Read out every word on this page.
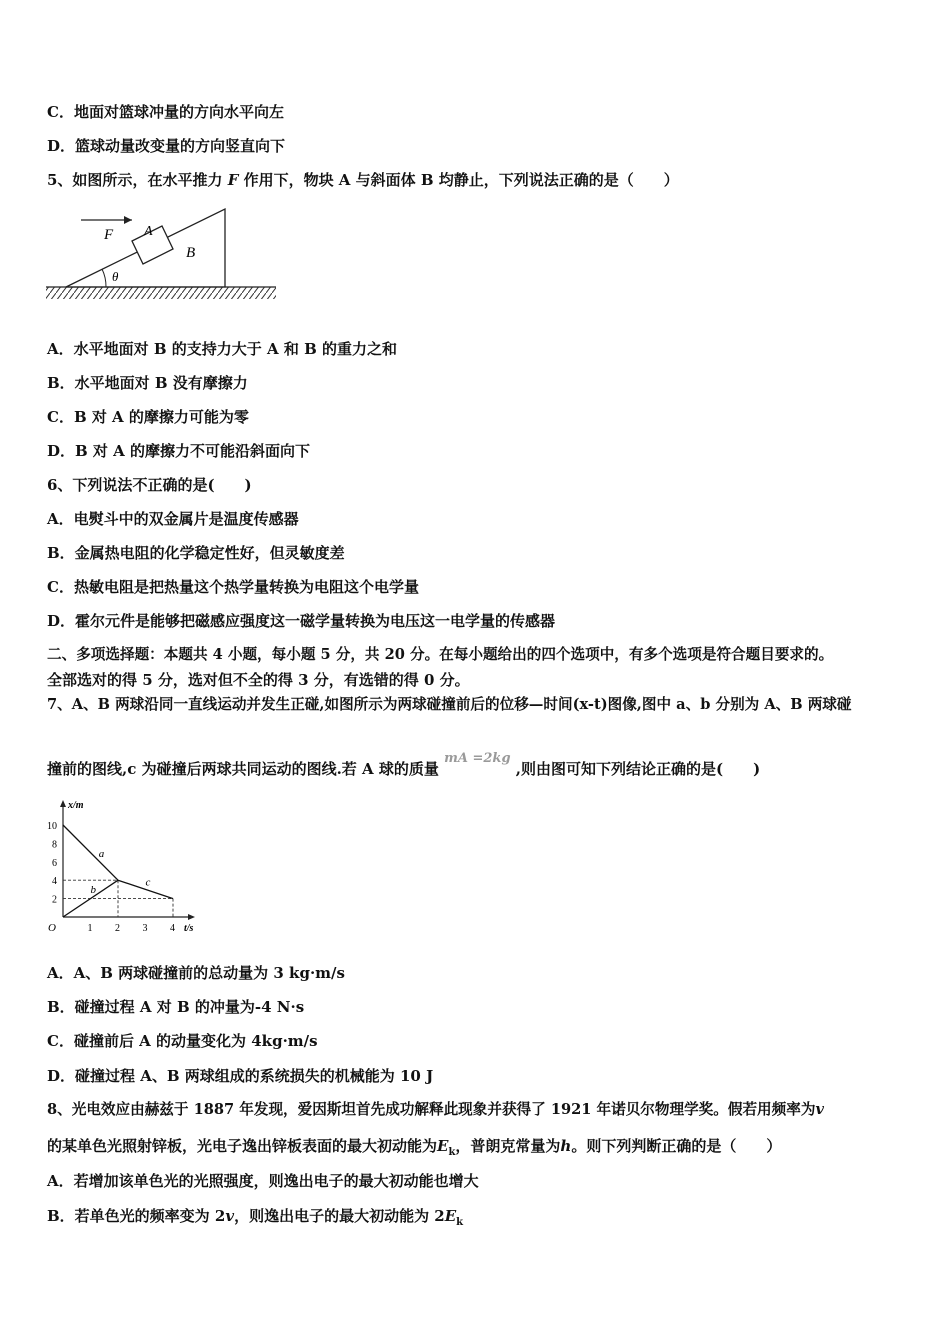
C．地面对篮球冲量的方向水平向左
D．篮球动量改变量的方向竖直向下
5、如图所示，在水平推力 F 作用下，物块 A 与斜面体 B 均静止，下列说法正确的是（　　）
F A
B
θ
A．水平地面对 B 的支持力大于 A 和 B 的重力之和
B．水平地面对 B 没有摩擦力
C．B 对 A 的摩擦力可能为零
D．B 对 A 的摩擦力不可能沿斜面向下
6、下列说法不正确的是(　　)
A．电熨斗中的双金属片是温度传感器
B．金属热电阻的化学稳定性好，但灵敏度差
C．热敏电阻是把热量这个热学量转换为电阻这个电学量
D．霍尔元件是能够把磁感应强度这一磁学量转换为电压这一电学量的传感器
二、多项选择题：本题共 4 小题，每小题 5 分，共 20 分。在每小题给出的四个选项中，有多个选项是符合题目要求的。
全部选对的得 5 分，选对但不全的得 3 分，有选错的得 0 分。
7、A、B 两球沿同一直线运动并发生正碰,如图所示为两球碰撞前后的位移—时间(x-t)图像,图中 a、b 分别为 A、B 两球碰
撞前的图线,c 为碰撞后两球共同运动的图线.若 A 球的质量 mA =2kg ,则由图可知下列结论正确的是(　　)
x/m
t/s
O	1 2 3 4
2
4
6
8
10
a
b
c
A．A、B 两球碰撞前的总动量为 3 kg·m/s
B．碰撞过程 A 对 B 的冲量为-4 N·s
C．碰撞前后 A 的动量变化为 4kg·m/s
D．碰撞过程 A、B 两球组成的系统损失的机械能为 10 J
8、光电效应由赫兹于 1887 年发现，爱因斯坦首先成功解释此现象并获得了 1921 年诺贝尔物理学奖。假若用频率为v
的某单色光照射锌板，光电子逸出锌板表面的最大初动能为$E_k$，普朗克常量为h。则下列判断正确的是（　　）
A．若增加该单色光的光照强度，则逸出电子的最大初动能也增大
B．若单色光的频率变为 2v，则逸出电子的最大初动能为 $2E_k$
